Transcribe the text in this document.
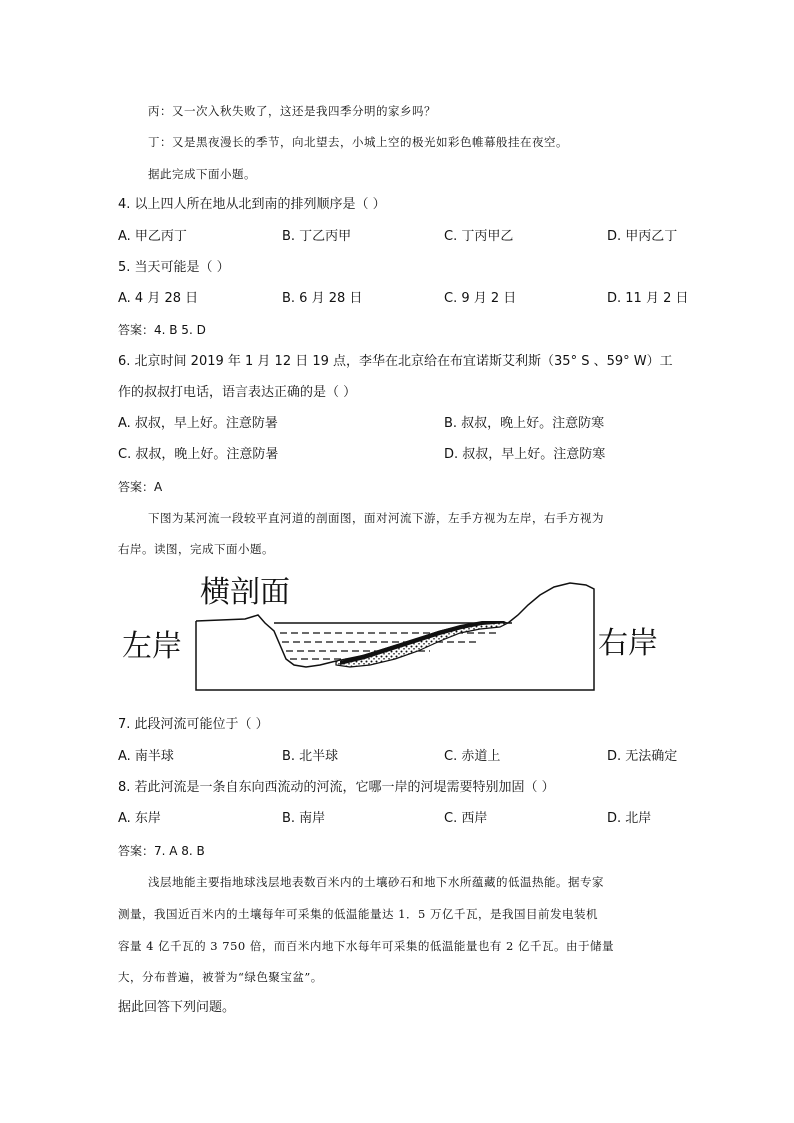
丙：又一次入秋失败了，这还是我四季分明的家乡吗？
丁：又是黑夜漫长的季节，向北望去，小城上空的极光如彩色帷幕般挂在夜空。
据此完成下面小题。
4. 以上四人所在地从北到南的排列顺序是（ ）
A. 甲乙丙丁	B. 丁乙丙甲	C. 丁丙甲乙	D. 甲丙乙丁
5. 当天可能是（ ）
A. 4 月 28 日	B. 6 月 28 日	C. 9 月 2 日	D. 11 月 2 日
答案：4. B 5. D
6. 北京时间 2019 年 1 月 12 日 19 点，李华在北京给在布宜诺斯艾利斯（35° S 、59° W）工
作的叔叔打电话，语言表达正确的是（ ）
A. 叔叔，早上好。注意防暑	B. 叔叔，晚上好。注意防寒
C. 叔叔，晚上好。注意防暑	D. 叔叔，早上好。注意防寒
答案：A
下图为某河流一段较平直河道的剖面图，面对河流下游，左手方视为左岸，右手方视为
右岸。读图，完成下面小题。
横剖面
左岸	右岸
7. 此段河流可能位于（ ）
A. 南半球	B. 北半球	C. 赤道上	D. 无法确定
8. 若此河流是一条自东向西流动的河流，它哪一岸的河堤需要特别加固（ ）
A. 东岸	B. 南岸	C. 西岸	D. 北岸
答案：7. A 8. B
浅层地能主要指地球浅层地表数百米内的土壤砂石和地下水所蕴藏的低温热能。据专家
测量，我国近百米内的土壤每年可采集的低温能量达 1．5 万亿千瓦，是我国目前发电装机
容量 4 亿千瓦的 3 750 倍，而百米内地下水每年可采集的低温能量也有 2 亿千瓦。由于储量
大，分布普遍，被誉为“绿色聚宝盆”。
据此回答下列问题。
